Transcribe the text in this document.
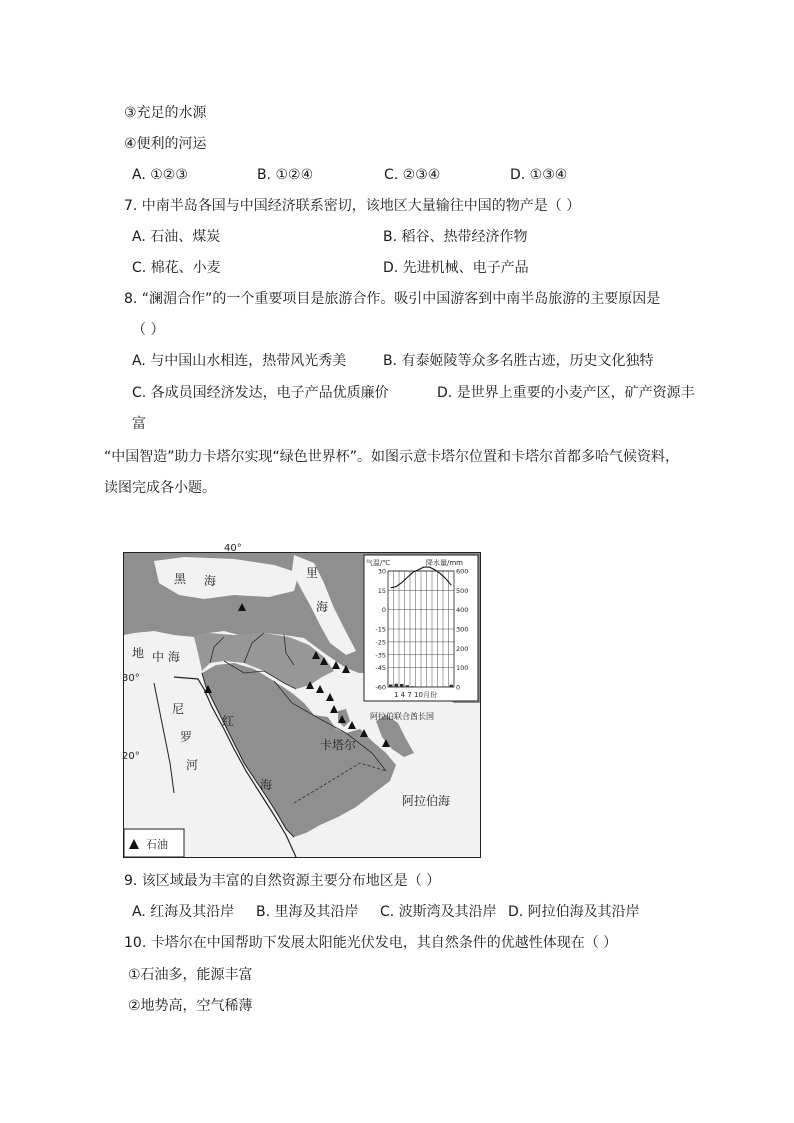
③充足的水源
④便利的河运
A. ①②③	B. ①②④	C. ②③④	D. ①③④
7. 中南半岛各国与中国经济联系密切，该地区大量输往中国的物产是（ ）
A. 石油、煤炭	B. 稻谷、热带经济作物
C. 棉花、小麦	D. 先进机械、电子产品
8. “澜湄合作”的一个重要项目是旅游合作。吸引中国游客到中南半岛旅游的主要原因是
（ ）
A. 与中国山水相连，热带风光秀美	B. 有泰姬陵等众多名胜古迹，历史文化独特
C. 各成员国经济发达，电子产品优质廉价	D. 是世界上重要的小麦产区，矿产资源丰
富
“中国智造”助力卡塔尔实现“绿色世界杯”。如图示意卡塔尔位置和卡塔尔首都多哈气候资料，
读图完成各小题。
40°
30°
20°
黑 海
里
海
地 中 海
尼
罗
河
红
海
卡塔尔
阿拉伯海
阿拉伯联合酋长国
石油
气温/℃	降水量/mm
30
15
0
-15
-25
-35
-45
-60
600
500
400
300
200
100
0
1 4 7 10月份
9. 该区域最为丰富的自然资源主要分布地区是（ ）
A. 红海及其沿岸 B. 里海及其沿岸 C. 波斯湾及其沿岸 D. 阿拉伯海及其沿岸
10. 卡塔尔在中国帮助下发展太阳能光伏发电，其自然条件的优越性体现在（ ）
①石油多，能源丰富
②地势高，空气稀薄
